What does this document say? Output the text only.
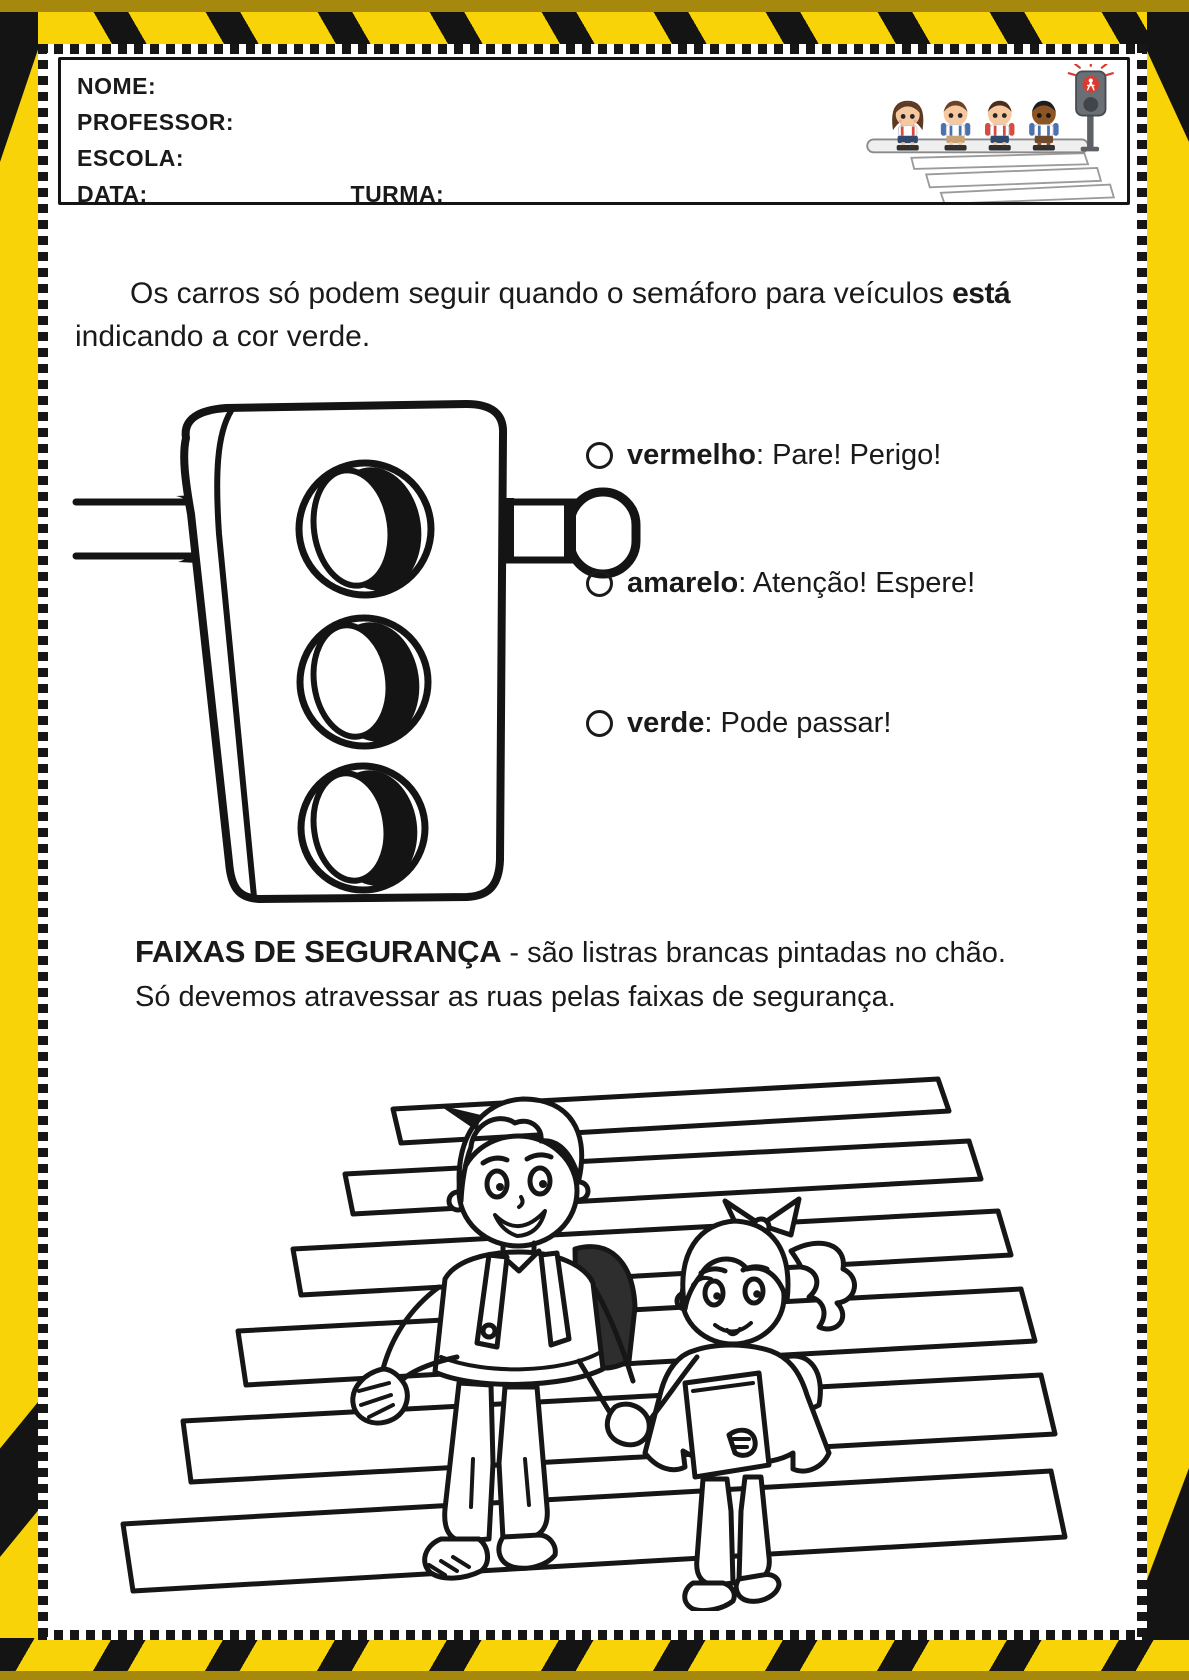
NOME:
PROFESSOR:
ESCOLA:
DATA:	TURMA:
Os carros só podem seguir quando o semáforo para veículos está
indicando a cor verde.
vermelho: Pare! Perigo!
amarelo: Atenção! Espere!
verde: Pode passar!
FAIXAS DE SEGURANÇA - são listras brancas pintadas no chão.
Só devemos atravessar as ruas pelas faixas de segurança.
